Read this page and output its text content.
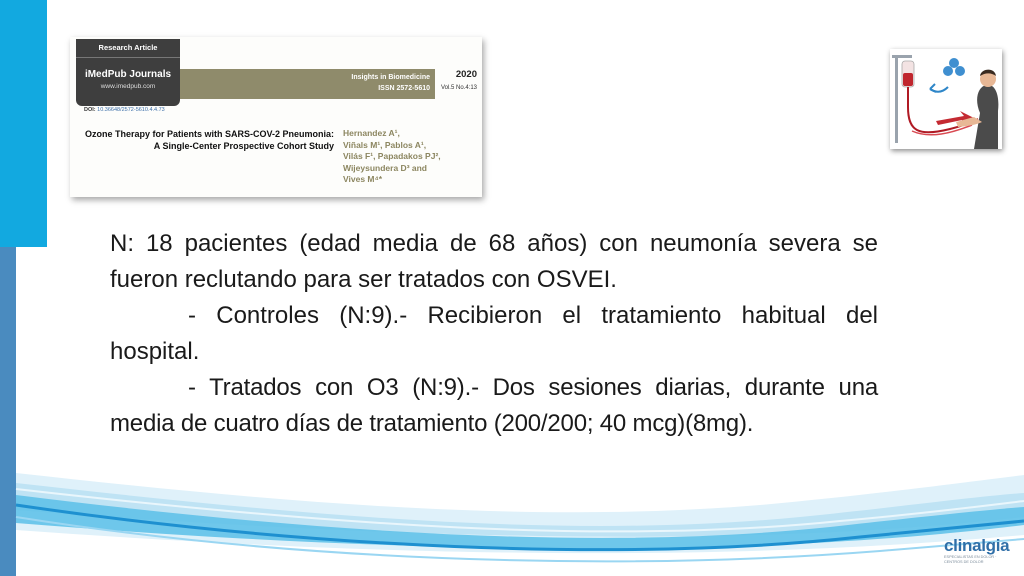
Research Article
iMedPub Journals
www.imedpub.com
Insights in Biomedicine
ISSN 2572-5610
2020
Vol.5 No.4:13
DOI: 10.36648/2572-5610.4.4.73
Ozone Therapy for Patients with SARS-COV-2 Pneumonia: A Single-Center Prospective Cohort Study
Hernandez A¹,
Viñals M¹, Pablos A¹,
Vilás F¹, Papadakos PJ²,
Wijeysundera D³ and
Vives M⁴*

N: 18 pacientes (edad media de 68 años) con neumonía severa se fueron reclutando para ser tratados con OSVEI.

- Controles (N:9).- Recibieron el tratamiento habitual del hospital.

- Tratados con O3 (N:9).- Dos sesiones diarias, durante una media de cuatro días de tratamiento (200/200; 40 mcg)(8mg).

clinalgia
ESPECIALISTAS EN DOLOR · CENTROS DE DOLOR
